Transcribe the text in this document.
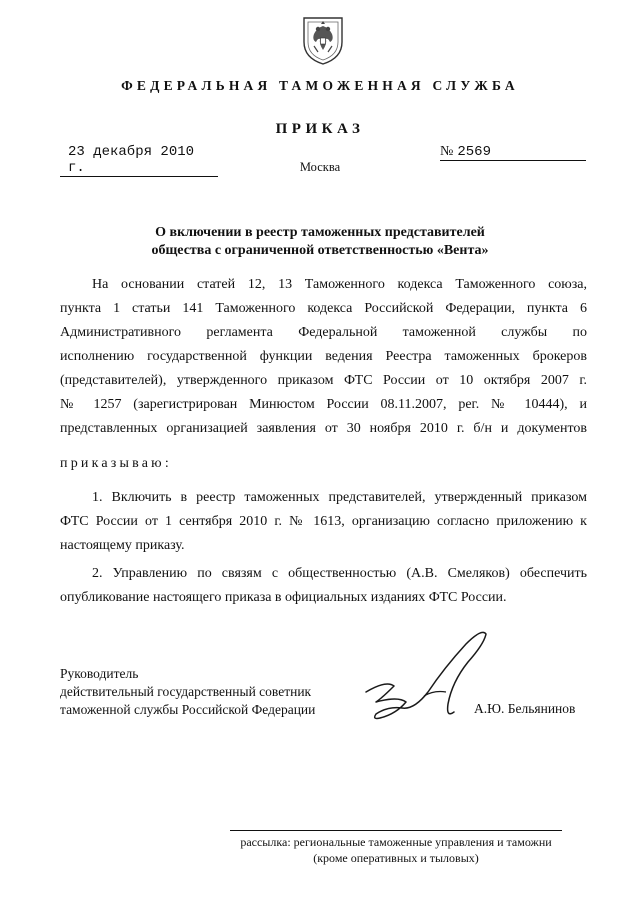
ФЕДЕРАЛЬНАЯ ТАМОЖЕННАЯ СЛУЖБА
ПРИКАЗ
23 декабря 2010 г.
№ 2569
Москва
О включении в реестр таможенных представителей
общества с ограниченной ответственностью «Вента»
На основании статей 12, 13 Таможенного кодекса Таможенного союза,
пункта 1 статьи 141 Таможенного кодекса Российской Федерации, пункта 6
Административного регламента Федеральной таможенной службы по
исполнению государственной функции ведения Реестра таможенных брокеров
(представителей), утвержденного приказом ФТС России от 10 октября 2007 г.
№ 1257 (зарегистрирован Минюстом России 08.11.2007, рег. № 10444), и
представленных организацией заявления от 30 ноября 2010 г. б/н и документов
приказываю:
1. Включить в реестр таможенных представителей, утвержденный приказом
ФТС России от 1 сентября 2010 г. № 1613, организацию согласно приложению к
настоящему приказу.
2. Управлению по связям с общественностью (А.В. Смеляков) обеспечить
опубликование настоящего приказа в официальных изданиях ФТС России.
Руководитель
действительный государственный советник
таможенной службы Российской Федерации	А.Ю. Бельянинов
рассылка: региональные таможенные управления и таможни
(кроме оперативных и тыловых)
